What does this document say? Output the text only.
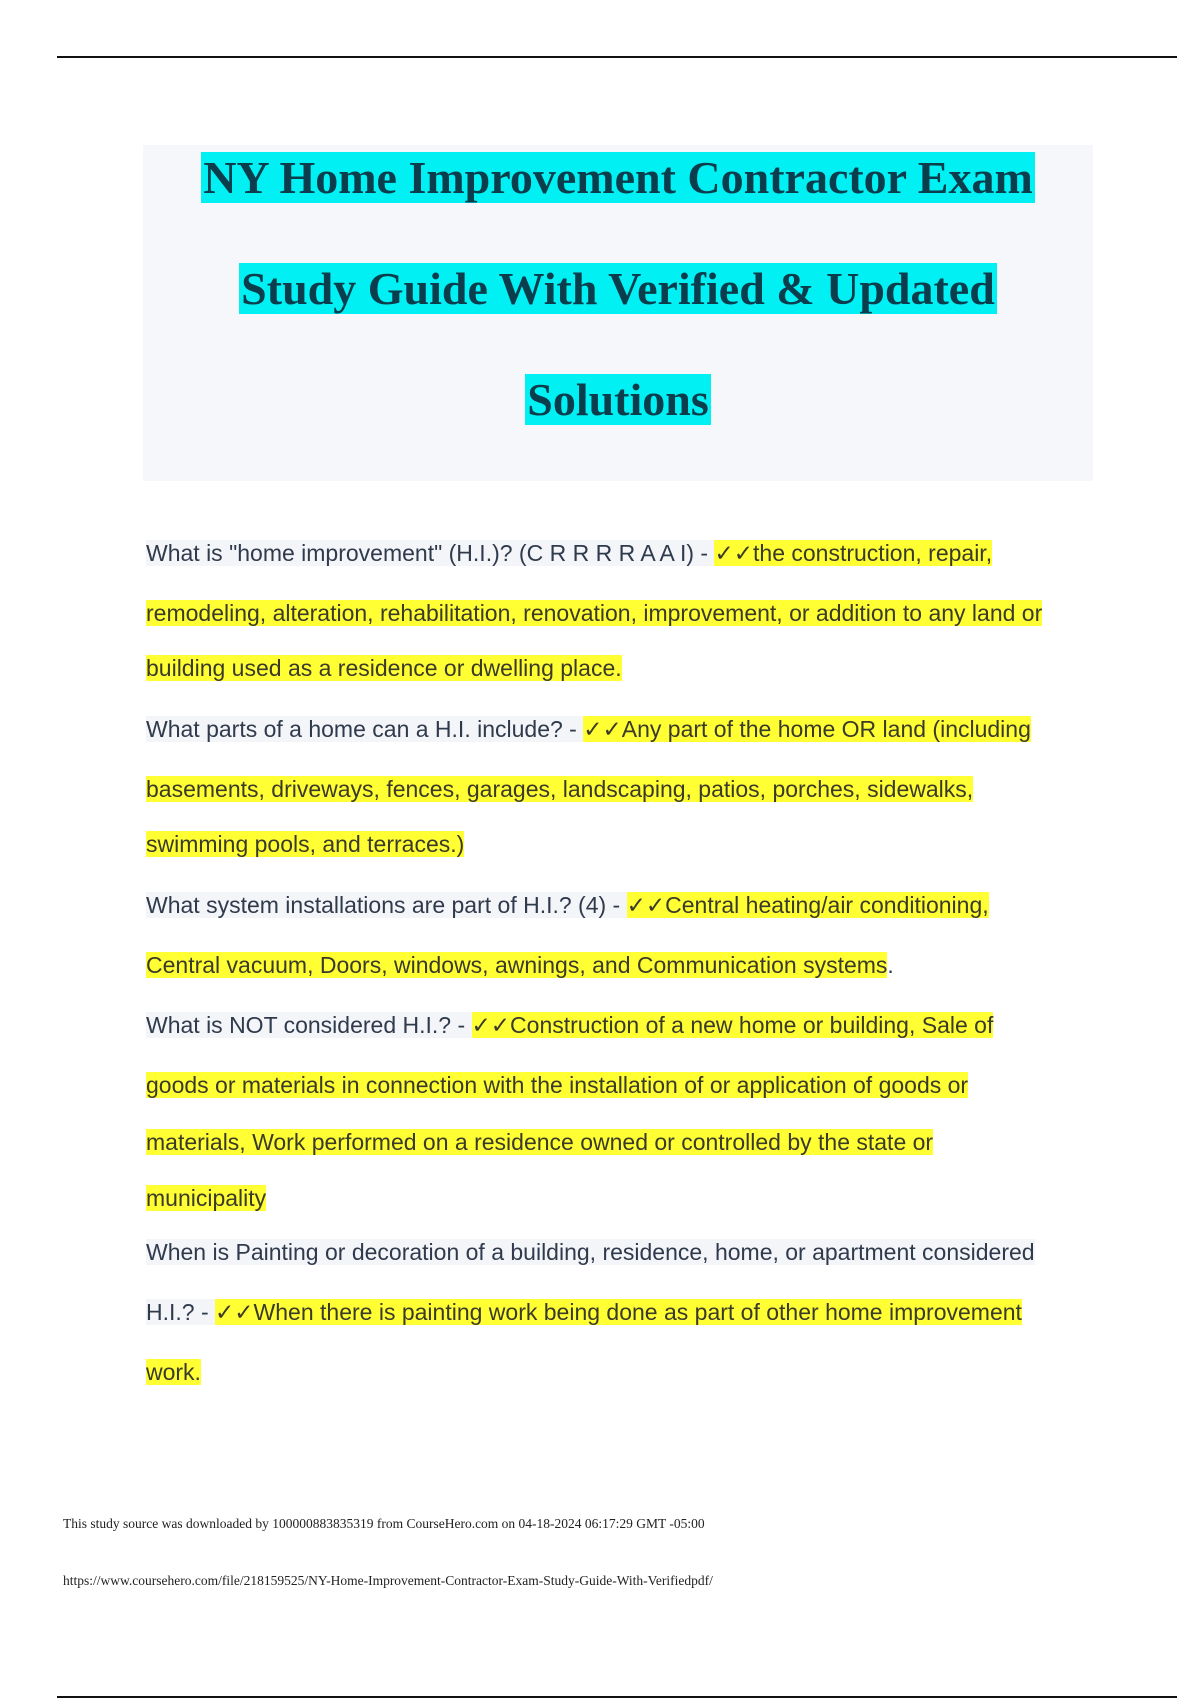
NY Home Improvement Contractor Exam
Study Guide With Verified & Updated
Solutions
What is "home improvement" (H.I.)? (C R R R R A A I) - ✓✓the construction, repair,
remodeling, alteration, rehabilitation, renovation, improvement, or addition to any land or
building used as a residence or dwelling place.
What parts of a home can a H.I. include? - ✓✓Any part of the home OR land (including
basements, driveways, fences, garages, landscaping, patios, porches, sidewalks,
swimming pools, and terraces.)
What system installations are part of H.I.? (4) - ✓✓Central heating/air conditioning,
Central vacuum, Doors, windows, awnings, and Communication systems.
What is NOT considered H.I.? - ✓✓Construction of a new home or building, Sale of
goods or materials in connection with the installation of or application of goods or
materials, Work performed on a residence owned or controlled by the state or
municipality
When is Painting or decoration of a building, residence, home, or apartment considered
H.I.? - ✓✓When there is painting work being done as part of other home improvement
work.
This study source was downloaded by 100000883835319 from CourseHero.com on 04-18-2024 06:17:29 GMT -05:00
https://www.coursehero.com/file/218159525/NY-Home-Improvement-Contractor-Exam-Study-Guide-With-Verifiedpdf/
